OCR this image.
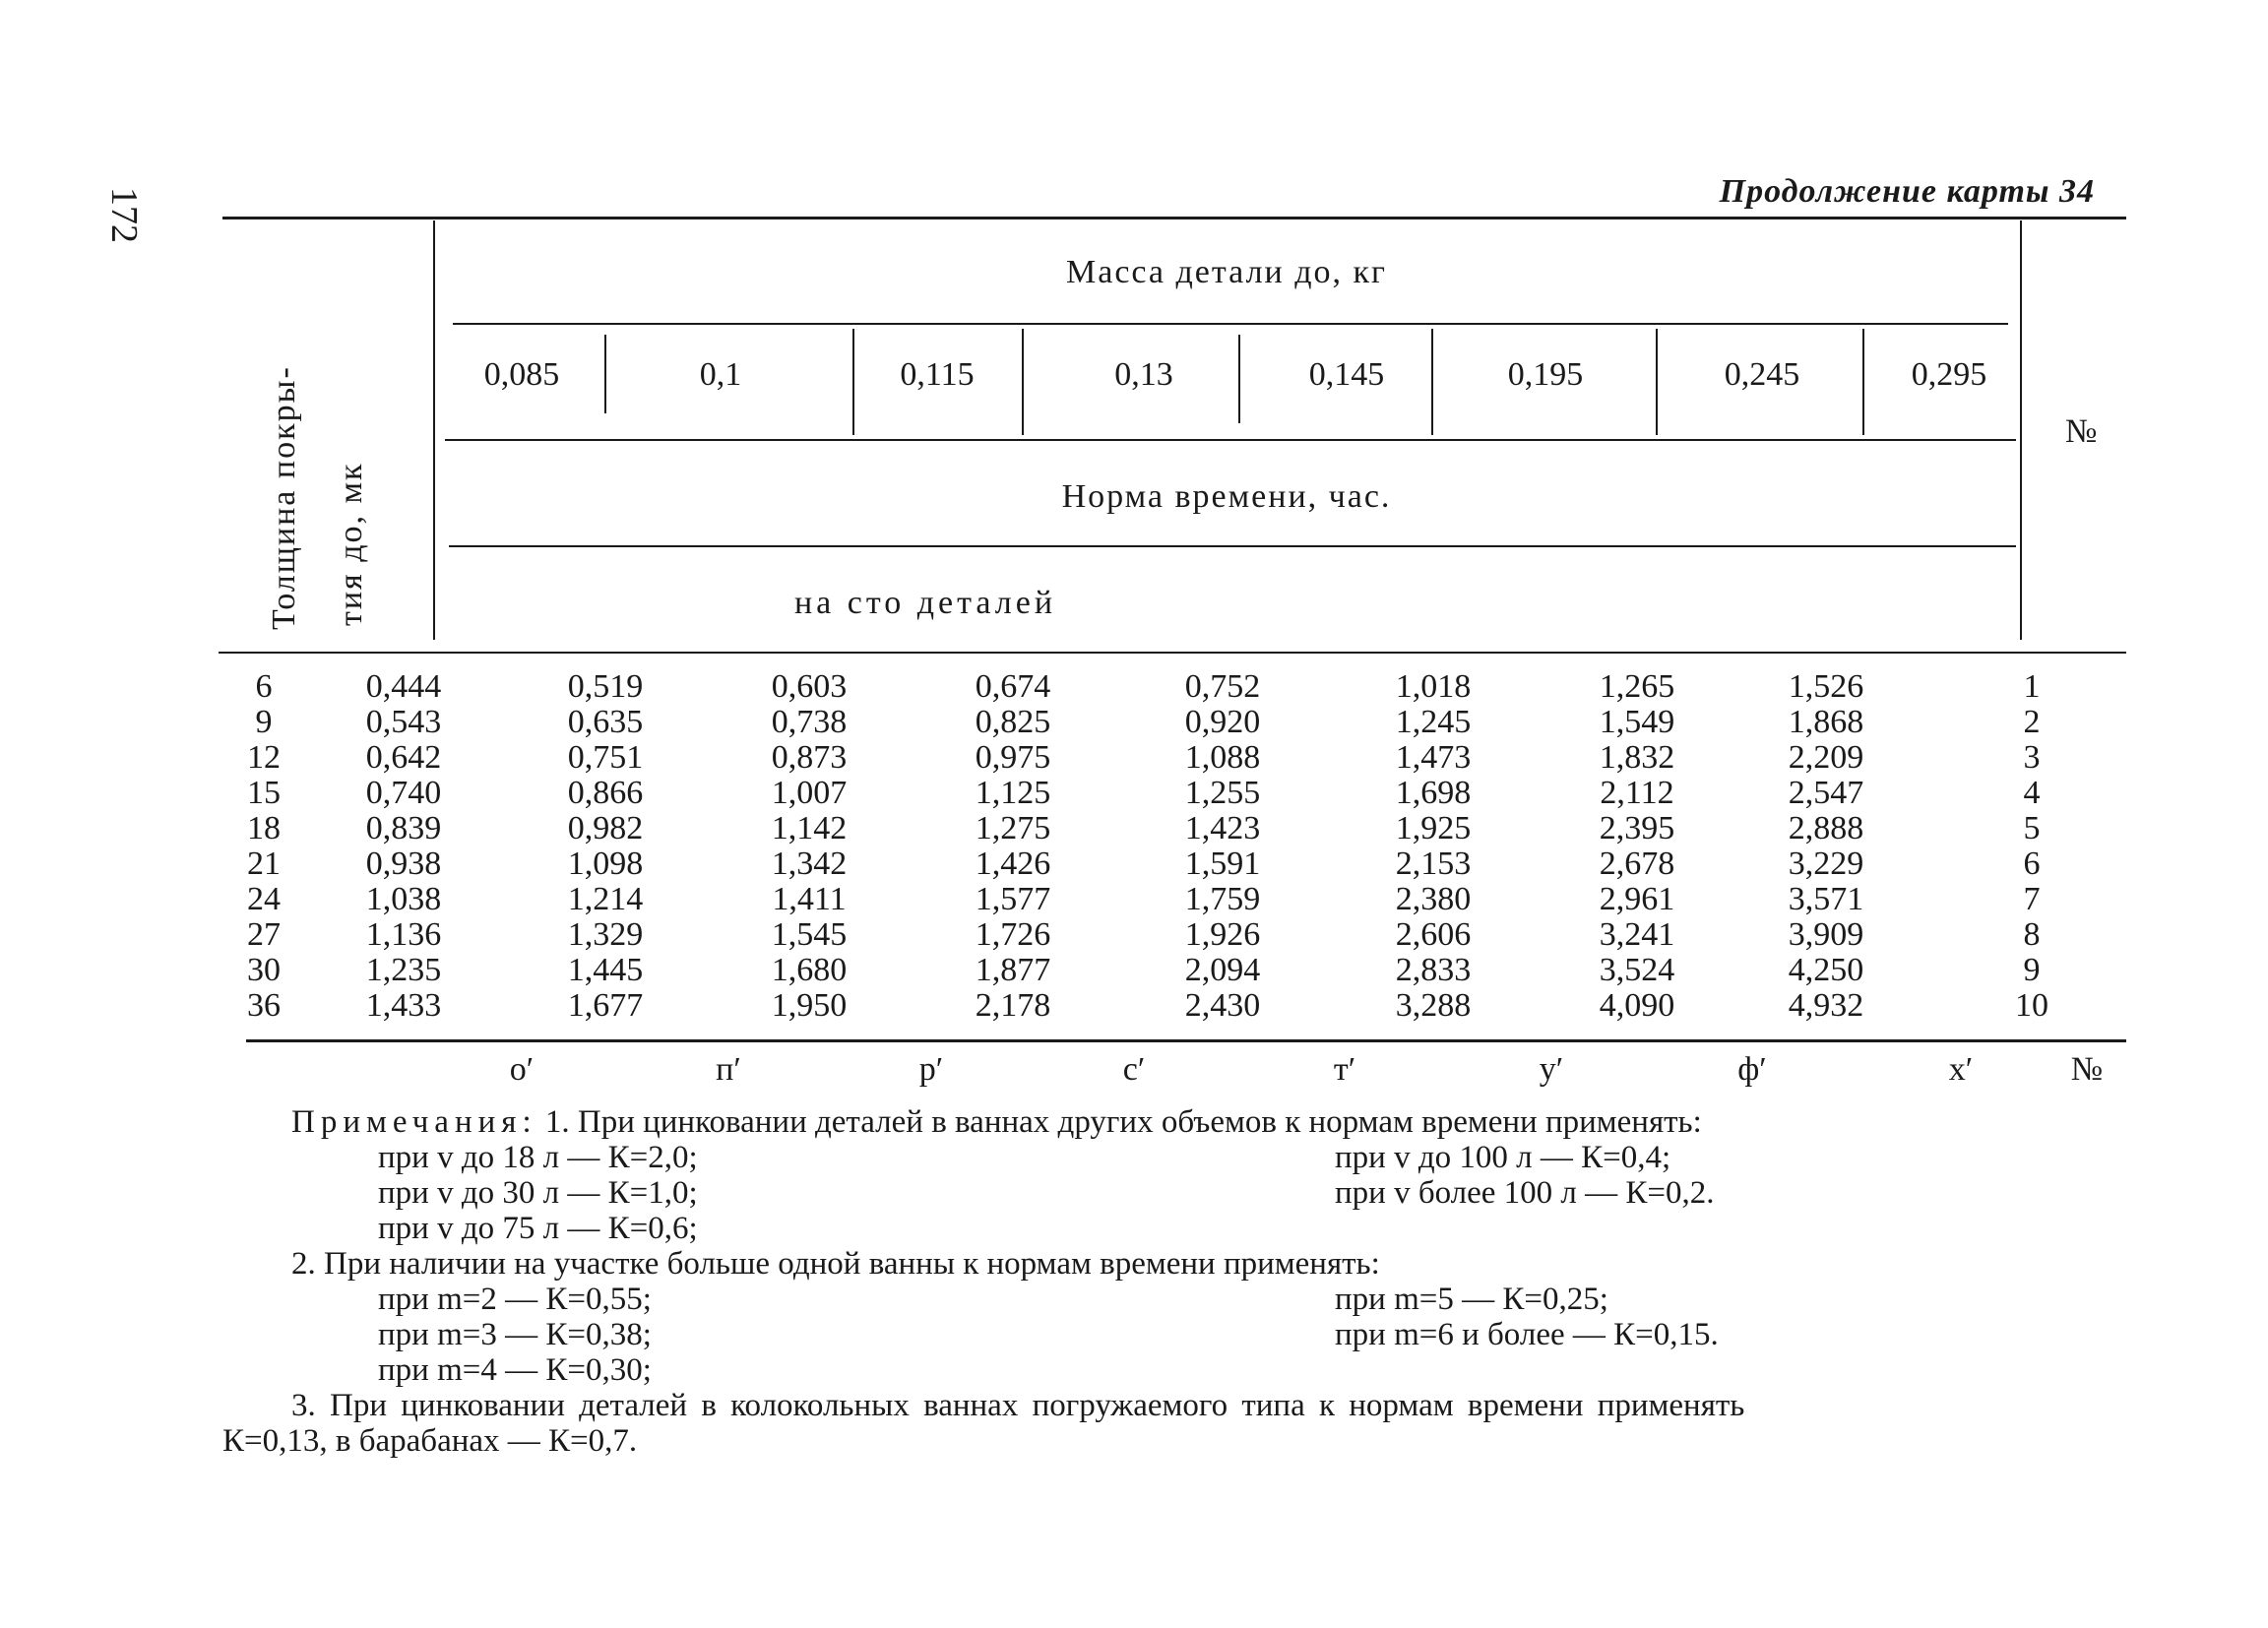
172	Продолжение карты 34
Толщина покры- тия до, мк
Масса детали до, кг
0,085	0,1	0,115	0,13	0,145	0,195	0,245	0,295
№
Норма времени, час.
на сто деталей
6	0,444	0,519	0,603	0,674	0,752	1,018	1,265	1,526	1
9	0,543	0,635	0,738	0,825	0,920	1,245	1,549	1,868	2
12	0,642	0,751	0,873	0,975	1,088	1,473	1,832	2,209	3
15	0,740	0,866	1,007	1,125	1,255	1,698	2,112	2,547	4
18	0,839	0,982	1,142	1,275	1,423	1,925	2,395	2,888	5
21	0,938	1,098	1,342	1,426	1,591	2,153	2,678	3,229	6
24	1,038	1,214	1,411	1,577	1,759	2,380	2,961	3,571	7
27	1,136	1,329	1,545	1,726	1,926	2,606	3,241	3,909	8
30	1,235	1,445	1,680	1,877	2,094	2,833	3,524	4,250	9
36	1,433	1,677	1,950	2,178	2,430	3,288	4,090	4,932	10
о′	п′	р′	с′	т′	у′	ф′	х′	№
Примечания: 1. При цинковании деталей в ваннах других объемов к нормам времени применять:
при v до 18 л — К=2,0;
при v до 30 л — К=1,0;
при v до 75 л — К=0,6;
при v до 100 л — К=0,4;
при v более 100 л — К=0,2.
2. При наличии на участке больше одной ванны к нормам времени применять:
при m=2 — К=0,55;
при m=3 — К=0,38;
при m=4 — К=0,30;
при m=5 — К=0,25;
при m=6 и более — К=0,15.
3. При цинковании деталей в колокольных ваннах погружаемого типа к нормам времени применять
К=0,13, в барабанах — К=0,7.
